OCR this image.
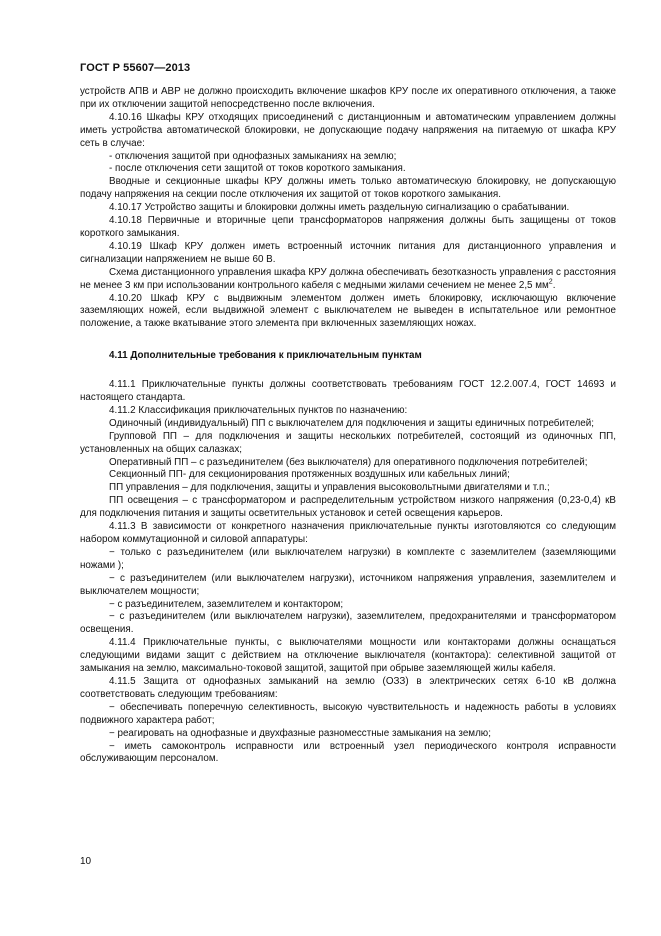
ГОСТ Р 55607—2013

устройств АПВ и АВР не должно происходить включение шкафов КРУ после их оперативного отключения, а также при их отключении защитой непосредственно после включения.

4.10.16 Шкафы КРУ отходящих присоединений с дистанционным и автоматическим управлением должны иметь устройства автоматической блокировки, не допускающие подачу напряжения на питаемую от шкафа КРУ сеть в случае:

- отключения защитой при однофазных замыканиях на землю;

- после отключения сети защитой от токов короткого замыкания.

Вводные и секционные шкафы КРУ должны иметь только автоматическую блокировку, не допускающую подачу напряжения на секции после отключения их защитой от токов короткого замыкания.

4.10.17 Устройство защиты и блокировки должны иметь раздельную сигнализацию о срабатывании.

4.10.18 Первичные и вторичные цепи трансформаторов напряжения должны быть защищены от токов короткого замыкания.

4.10.19 Шкаф КРУ должен иметь встроенный источник питания для дистанционного управления и сигнализации напряжением не выше 60 В.

Схема дистанционного управления шкафа КРУ должна обеспечивать безотказность управления с расстояния не менее 3 км при использовании контрольного кабеля с медными жилами сечением не менее 2,5 $мм^2$.

4.10.20 Шкаф КРУ с выдвижным элементом должен иметь блокировку, исключающую включение заземляющих ножей, если выдвижной элемент с выключателем не выведен в испытательное или ремонтное положение, а также вкатывание этого элемента при включенных заземляющих ножах.

4.11 Дополнительные требования к приключательным пунктам

4.11.1 Приключательные пункты должны соответствовать требованиям ГОСТ 12.2.007.4, ГОСТ 14693 и настоящего стандарта.

4.11.2 Классификация приключательных пунктов по назначению:

Одиночный (индивидуальный) ПП с выключателем для подключения и защиты единичных потребителей;

Групповой ПП – для подключения и защиты нескольких потребителей, состоящий из одиночных ПП, установленных на общих салазках;

Оперативный ПП – с разъединителем (без выключателя) для оперативного подключения потребителей;

Секционный ПП- для секционирования протяженных воздушных или кабельных линий;

ПП управления – для подключения, защиты и управления высоковольтными двигателями и т.п.;

ПП освещения – с трансформатором и распределительным устройством низкого напряжения (0,23-0,4) кВ для подключения питания и защиты осветительных установок и сетей освещения карьеров.

4.11.3 В зависимости от конкретного назначения приключательные пункты изготовляются со следующим набором коммутационной и силовой аппаратуры:

− только с разъединителем (или выключателем нагрузки) в комплекте с заземлителем (заземляющими ножами );

− с разъединителем (или выключателем нагрузки), источником напряжения управления, заземлителем и выключателем мощности;

− с разъединителем, заземлителем и контактором;

− с разъединителем (или выключателем нагрузки), заземлителем, предохранителями и трансформатором освещения.

4.11.4 Приключательные пункты, с выключателями мощности или контакторами должны оснащаться следующими видами защит с действием на отключение выключателя (контактора): селективной защитой от замыкания на землю, максимально-токовой защитой, защитой при обрыве заземляющей жилы кабеля.

4.11.5 Защита от однофазных замыканий на землю (ОЗЗ) в электрических сетях 6-10 кВ должна соответствовать следующим требованиям:

− обеспечивать поперечную селективность, высокую чувствительность и надежность работы в условиях подвижного характера работ;

− реагировать на однофазные и двухфазные разномесстные замыкания на землю;

− иметь самоконтроль исправности или встроенный узел периодического контроля исправности обслуживающим персоналом.

10
